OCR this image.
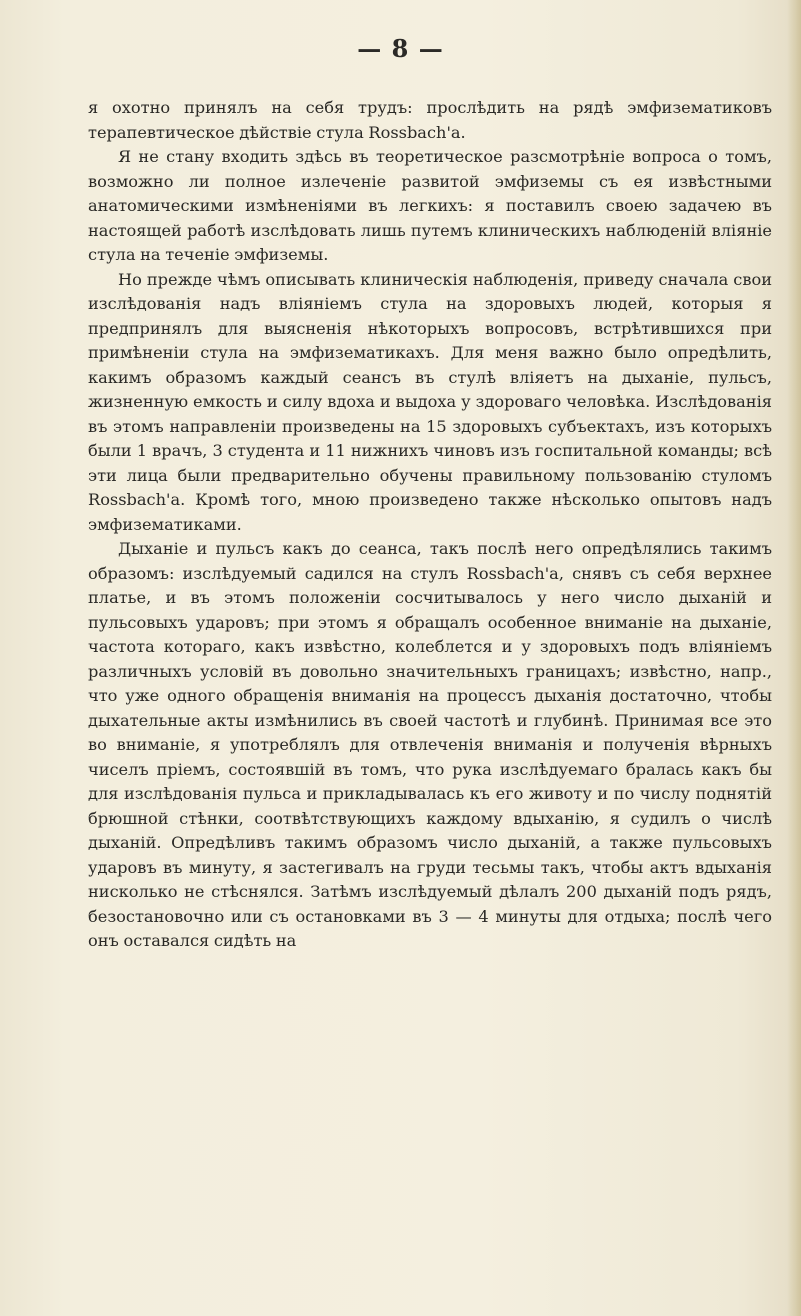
— 8 —

я охотно принялъ на себя трудъ: прослѣдить на рядѣ эмфизематиковъ терапевтическое дѣйствіе стула Rossbach'а.

Я не стану входить здѣсь въ теоретическое разсмотрѣніе вопроса о томъ, возможно ли полное излеченіе развитой эмфиземы съ ея извѣстными анатомическими измѣненіями въ легкихъ: я поставилъ своею задачею въ настоящей работѣ изслѣдовать лишь путемъ клиническихъ наблюденій вліяніе стула на теченіе эмфиземы.

Но прежде чѣмъ описывать клиническія наблюденія, приведу сначала свои изслѣдованія надъ вліяніемъ стула на здоровыхъ людей, которыя я предпринялъ для выясненія нѣкоторыхъ вопросовъ, встрѣтившихся при примѣненіи стула на эмфизематикахъ. Для меня важно было опредѣлить, какимъ образомъ каждый сеансъ въ стулѣ вліяетъ на дыханіе, пульсъ, жизненную емкость и силу вдоха и выдоха у здороваго человѣка. Изслѣдованія въ этомъ направленіи произведены на 15 здоровыхъ субъектахъ, изъ которыхъ были 1 врачъ, 3 студента и 11 нижнихъ чиновъ изъ госпитальной команды; всѣ эти лица были предварительно обучены правильному пользованію стуломъ Rossbach'а. Кромѣ того, мною произведено также нѣсколько опытовъ надъ эмфизематиками.

Дыханіе и пульсъ какъ до сеанса, такъ послѣ него опредѣлялись такимъ образомъ: изслѣдуемый садился на стулъ Rossbach'а, снявъ съ себя верхнее платье, и въ этомъ положеніи сосчитывалось у него число дыханій и пульсовыхъ ударовъ; при этомъ я обращалъ особенное вниманіе на дыханіе, частота котораго, какъ извѣстно, колеблется и у здоровыхъ подъ вліяніемъ различныхъ условій въ довольно значительныхъ границахъ; извѣстно, напр., что уже одного обращенія вниманія на процессъ дыханія достаточно, чтобы дыхательные акты измѣнились въ своей частотѣ и глубинѣ. Принимая все это во вниманіе, я употреблялъ для отвлеченія вниманія и полученія вѣрныхъ чиселъ пріемъ, состоявшій въ томъ, что рука изслѣдуемаго бралась какъ бы для изслѣдованія пульса и прикладывалась къ его животу и по числу поднятій брюшной стѣнки, соотвѣтствующихъ каждому вдыханію, я судилъ о числѣ дыханій. Опредѣливъ такимъ образомъ число дыханій, а также пульсовыхъ ударовъ въ минуту, я застегивалъ на груди тесьмы такъ, чтобы актъ вдыханія нисколько не стѣснялся. Затѣмъ изслѣдуемый дѣлалъ 200 дыханій подъ рядъ, безостановочно или съ остановками въ 3 — 4 минуты для отдыха; послѣ чего онъ оставался сидѣть на
